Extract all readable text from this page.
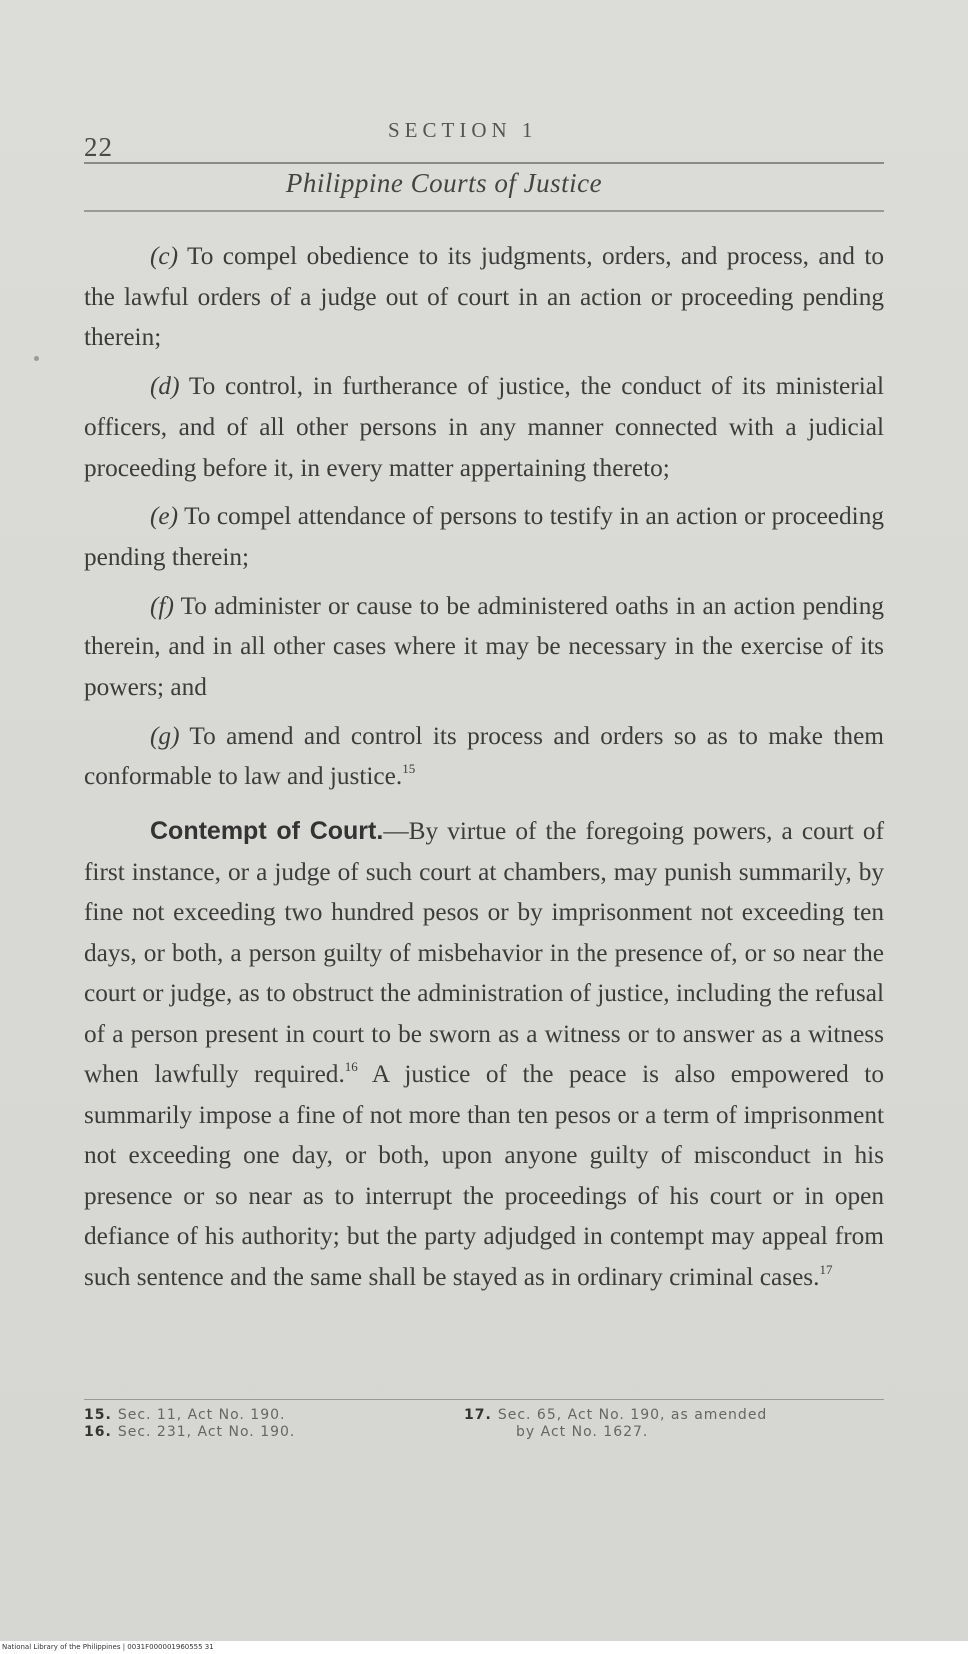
22
SECTION 1
Philippine Courts of Justice

(c) To compel obedience to its judgments, orders, and process, and to the lawful orders of a judge out of court in an action or proceeding pending therein;

(d) To control, in furtherance of justice, the conduct of its ministerial officers, and of all other persons in any manner connected with a judicial proceeding before it, in every matter appertaining thereto;

(e) To compel attendance of persons to testify in an action or proceeding pending therein;

(f) To administer or cause to be administered oaths in an action pending therein, and in all other cases where it may be necessary in the exercise of its powers; and

(g) To amend and control its process and orders so as to make them conformable to law and justice.$^{15}$

Contempt of Court.—By virtue of the foregoing powers, a court of first instance, or a judge of such court at chambers, may punish summarily, by fine not exceeding two hundred pesos or by imprisonment not exceeding ten days, or both, a person guilty of misbehavior in the presence of, or so near the court or judge, as to obstruct the administration of justice, including the refusal of a person present in court to be sworn as a witness or to answer as a witness when lawfully required.$^{16}$ A justice of the peace is also empowered to summarily impose a fine of not more than ten pesos or a term of imprisonment not exceeding one day, or both, upon anyone guilty of misconduct in his presence or so near as to interrupt the proceedings of his court or in open defiance of his authority; but the party adjudged in contempt may appeal from such sentence and the same shall be stayed as in ordinary criminal cases.$^{17}$

15. Sec. 11, Act No. 190.
16. Sec. 231, Act No. 190.
17. Sec. 65, Act No. 190, as amended
by Act No. 1627.
National Library of the Philippines | 0031F000001960555 31
